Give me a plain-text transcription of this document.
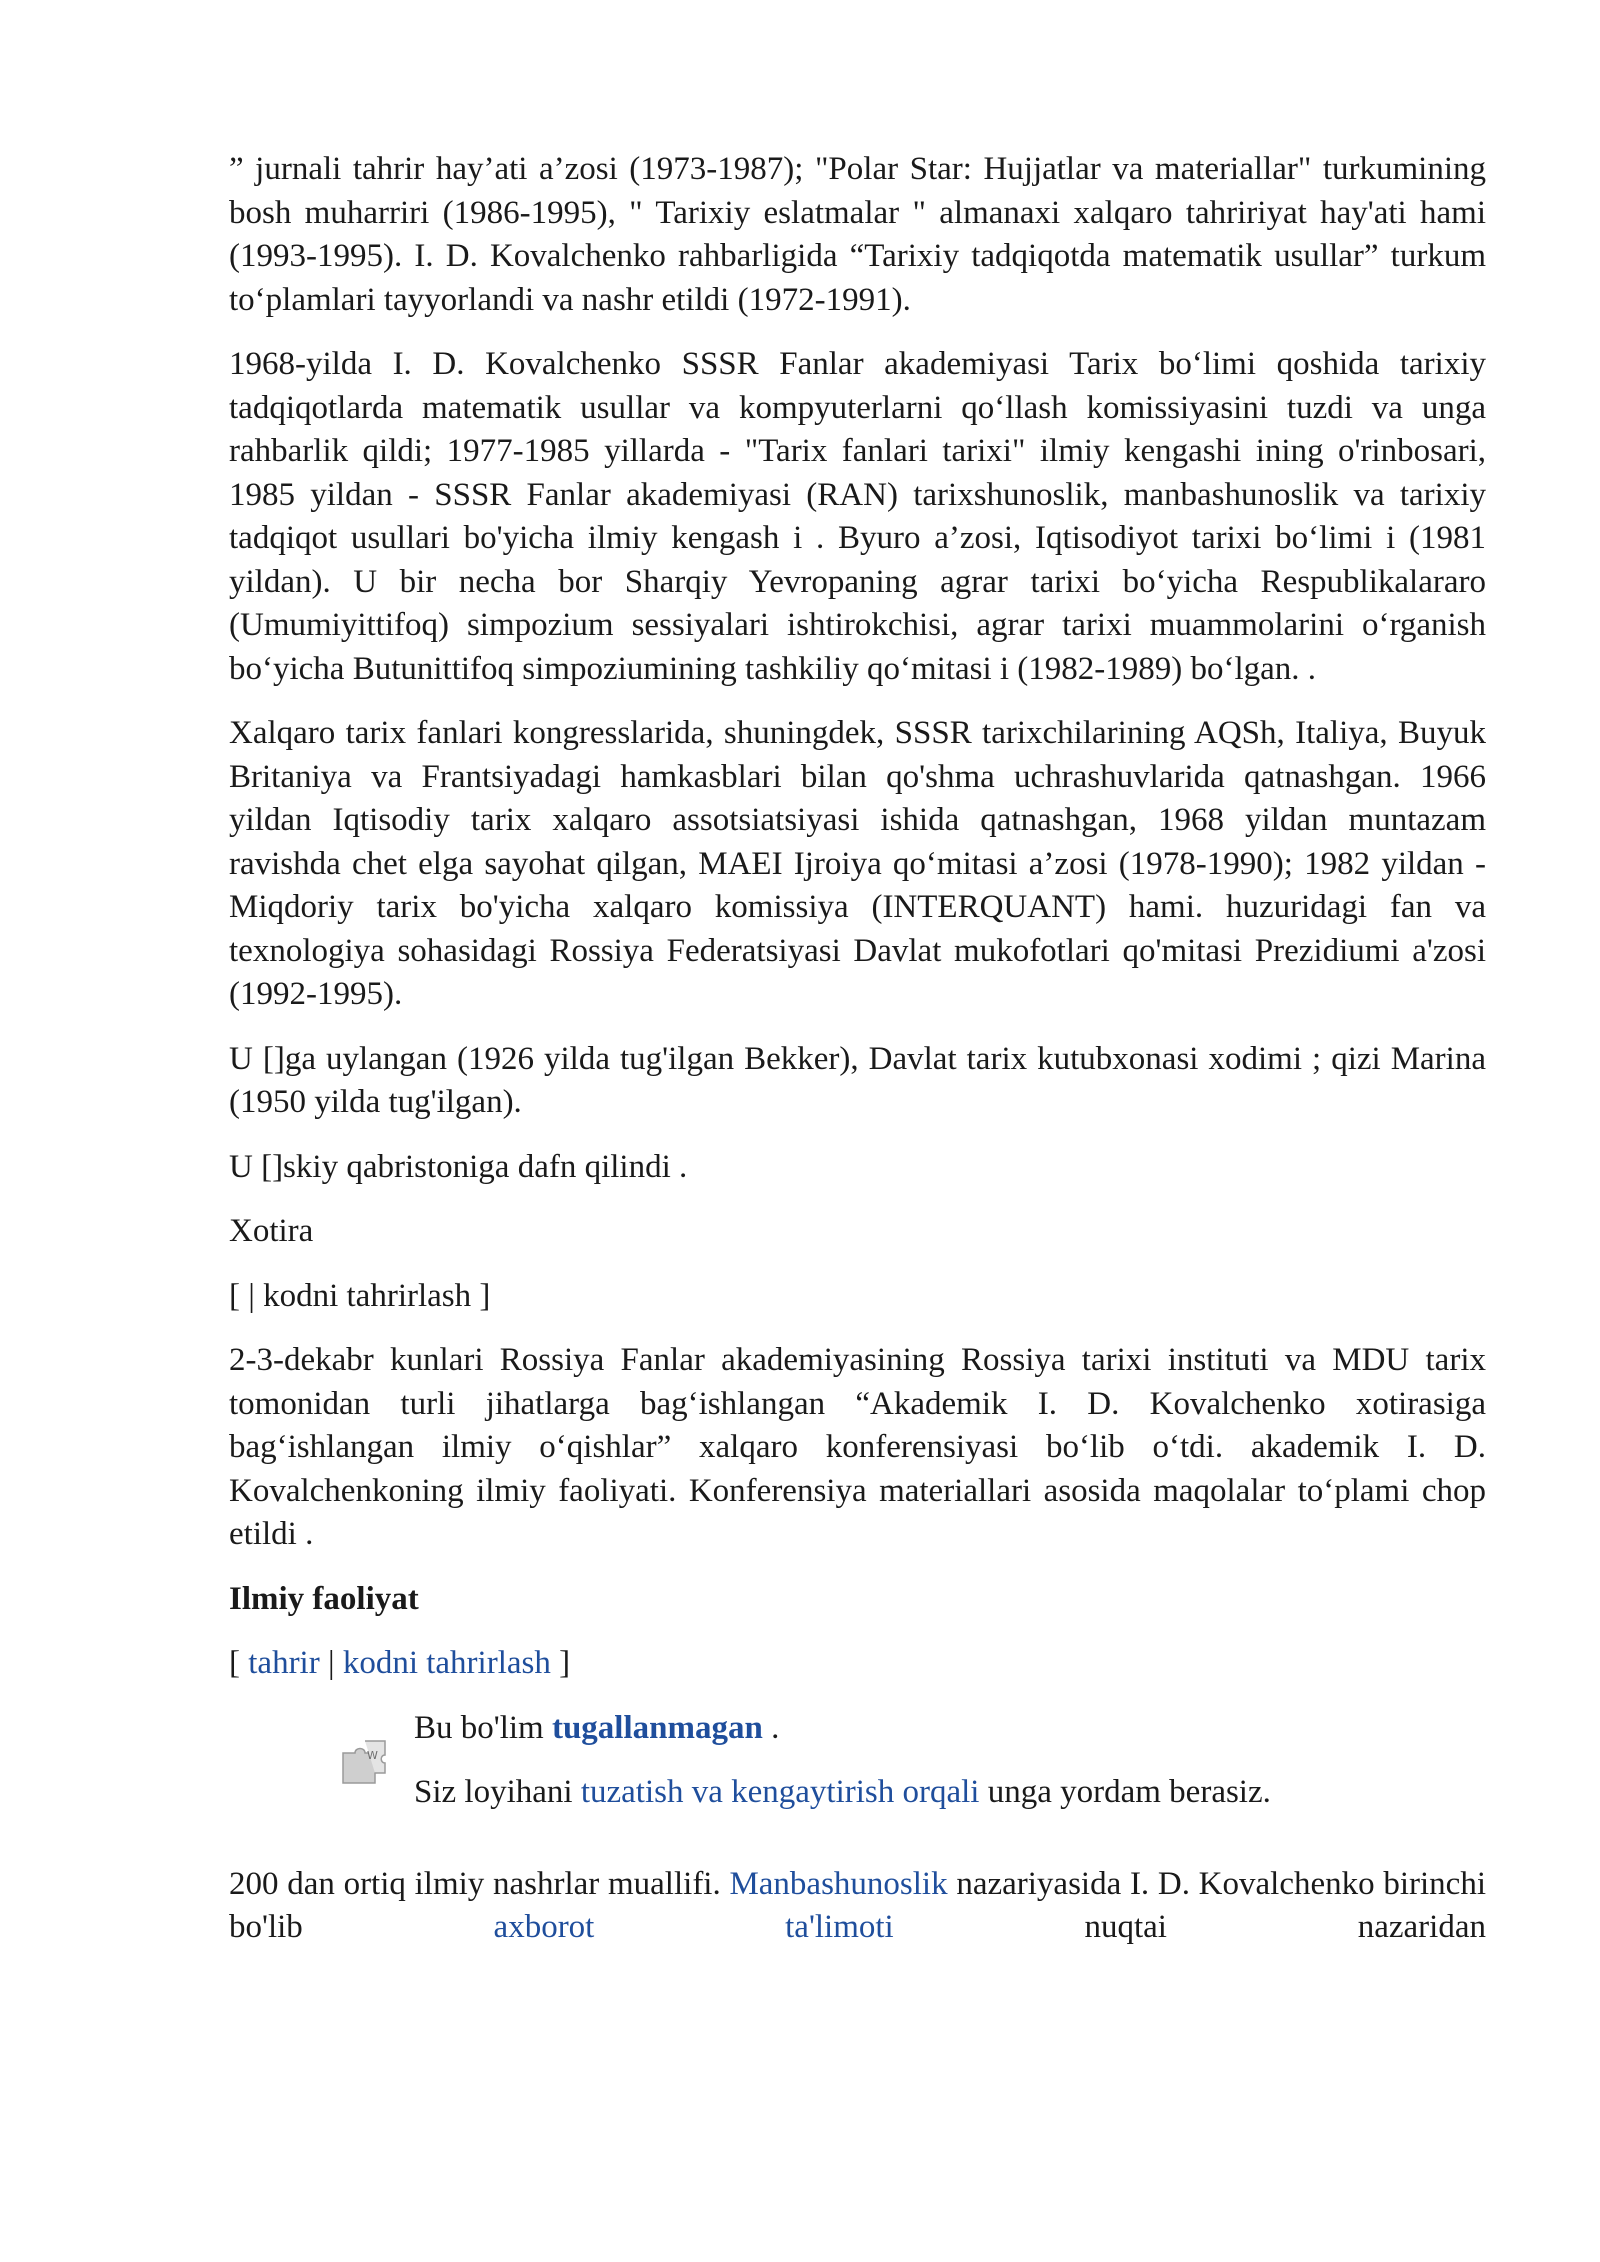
” jurnali tahrir hay’ati a’zosi (1973-1987); "Polar Star: Hujjatlar va materiallar" turkumining bosh muharriri (1986-1995), " Tarixiy eslatmalar " almanaxi xalqaro tahririyat hay'ati hami (1993-1995). I. D. Kovalchenko rahbarligida “Tarixiy tadqiqotda matematik usullar” turkum toʻplamlari tayyorlandi va nashr etildi (1972-1991).

1968-yilda I. D. Kovalchenko SSSR Fanlar akademiyasi Tarix boʻlimi qoshida tarixiy tadqiqotlarda matematik usullar va kompyuterlarni qoʻllash komissiyasini tuzdi va unga rahbarlik qildi; 1977-1985 yillarda - "Tarix fanlari tarixi" ilmiy kengashi ining o'rinbosari, 1985 yildan - SSSR Fanlar akademiyasi (RAN) tarixshunoslik, manbashunoslik va tarixiy tadqiqot usullari bo'yicha ilmiy kengash i . Byuro a’zosi, Iqtisodiyot tarixi boʻlimi i (1981 yildan). U bir necha bor Sharqiy Yevropaning agrar tarixi boʻyicha Respublikalararo (Umumiyittifoq) simpozium sessiyalari ishtirokchisi, agrar tarixi muammolarini oʻrganish boʻyicha Butunittifoq simpoziumining tashkiliy qoʻmitasi i (1982-1989) boʻlgan. .

Xalqaro tarix fanlari kongresslarida, shuningdek, SSSR tarixchilarining AQSh, Italiya, Buyuk Britaniya va Frantsiyadagi hamkasblari bilan qo'shma uchrashuvlarida qatnashgan. 1966 yildan Iqtisodiy tarix xalqaro assotsiatsiyasi ishida qatnashgan, 1968 yildan muntazam ravishda chet elga sayohat qilgan, MAEI Ijroiya qoʻmitasi a’zosi (1978-1990); 1982 yildan - Miqdoriy tarix bo'yicha xalqaro komissiya (INTERQUANT) hami. huzuridagi fan va texnologiya sohasidagi Rossiya Federatsiyasi Davlat mukofotlari qo'mitasi Prezidiumi a'zosi (1992-1995).

U []ga uylangan (1926 yilda tug'ilgan Bekker), Davlat tarix kutubxonasi xodimi ; qizi Marina (1950 yilda tug'ilgan).

U []skiy qabristoniga dafn qilindi .

Xotira

[ | kodni tahrirlash ]

2-3-dekabr kunlari Rossiya Fanlar akademiyasining Rossiya tarixi instituti va MDU tarix tomonidan turli jihatlarga bagʻishlangan “Akademik I. D. Kovalchenko xotirasiga bagʻishlangan ilmiy oʻqishlar” xalqaro konferensiyasi boʻlib oʻtdi. akademik I. D. Kovalchenkoning ilmiy faoliyati. Konferensiya materiallari asosida maqolalar toʻplami chop etildi .

Ilmiy faoliyat

[ tahrir | kodni tahrirlash ]

W

Bu bo'lim tugallanmagan .

Siz loyihani tuzatish va kengaytirish orqali unga yordam berasiz.

200 dan ortiq ilmiy nashrlar muallifi. Manbashunoslik nazariyasida I. D. Kovalchenko birinchi bo'lib axborot	ta'limoti nuqtai nazaridan
